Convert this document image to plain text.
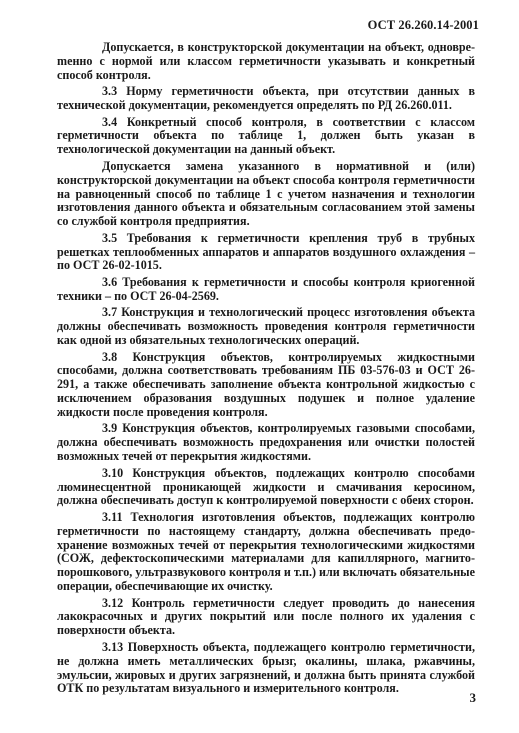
ОСТ 26.260.14-2001

Допускается, в конструкторской документации на объект, одновреmенно с нормой или классом герметичности указывать и конкретный способ контроля.

3.3 Норму герметичности объекта, при отсутствии данных в технической документации, рекомендуется определять по РД 26.260.011.

3.4 Конкретный способ контроля, в соответствии с классом герметичности объекта по таблице 1, должен быть указан в технологической документации на данный объект.

Допускается замена указанного в нормативной и (или) конструкторской документации на объект способа контроля герметичности на равноценный способ по таблице 1 с учетом назначения и технологии изготовления данного объекта и обязательным согласованием этой замены со службой контроля предприятия.

3.5 Требования к герметичности крепления труб в трубных решетках теплообменных аппаратов и аппаратов воздушного охлаждения – по ОСТ 26-02-1015.

3.6 Требования к герметичности и способы контроля криогенной техники – по ОСТ 26-04-2569.

3.7 Конструкция и технологический процесс изготовления объекта должны обеспечивать возможность проведения контроля герметичности как одной из обязательных технологических операций.

3.8 Конструкция объектов, контролируемых жидкостными способами, должна соответствовать требованиям ПБ 03-576-03 и ОСТ 26-291, а также обеспечивать заполнение объекта контрольной жидкостью с исключением образования воздушных подушек и полное удаление жидкости после проведения контроля.

3.9 Конструкция объектов, контролируемых газовыми способами, должна обеспечивать возможность предохранения или очистки полостей возможных течей от перекрытия жидкостями.

3.10 Конструкция объектов, подлежащих контролю способами люминесцентной проникающей жидкости и смачивания керосином, должна обеспечивать доступ к контролируемой поверхности с обеих сторон.

3.11 Технология изготовления объектов, подлежащих контролю герметичности по настоящему стандарту, должна обеспечивать предохранение возможных течей от перекрытия технологическими жидкостями (СОЖ, дефектоскопическими материалами для капиллярного, магнитопорошкового, ультразвукового контроля и т.п.) или включать обязательные операции, обеспечивающие их очистку.

3.12 Контроль герметичности следует проводить до нанесения лакокрасочных и других покрытий или после полного их удаления с поверхности объекта.

3.13 Поверхность объекта, подлежащего контролю герметичности, не должна иметь металлических брызг, окалины, шлака, ржавчины, эмульсии, жировых и других загрязнений, и должна быть принята службой ОТК по результатам визуального и измерительного контроля.

3
